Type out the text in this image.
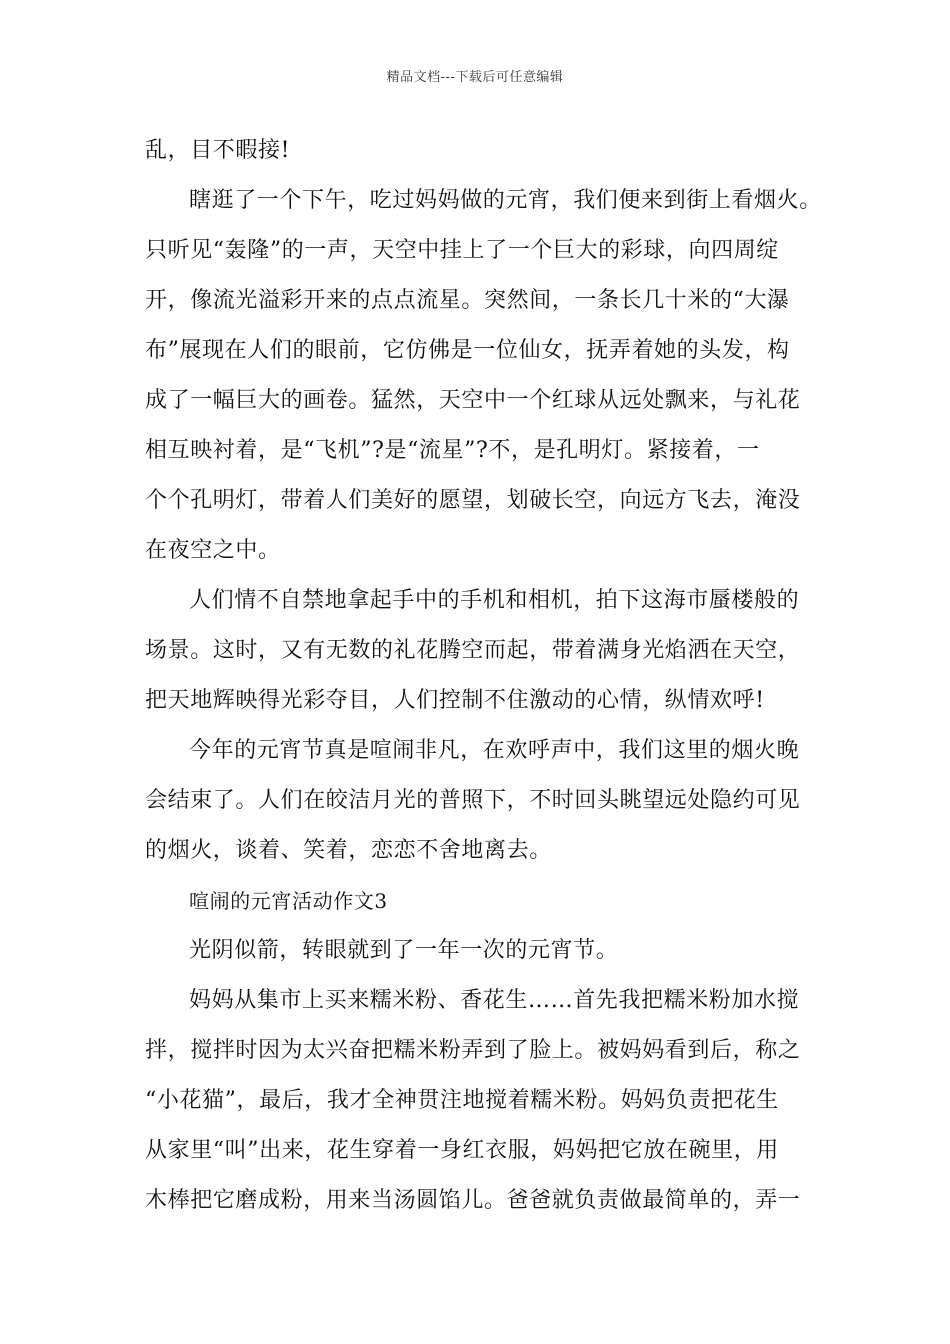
精品文档---下载后可任意编辑
乱，目不暇接!
瞎逛了一个下午，吃过妈妈做的元宵，我们便来到街上看烟火。
只听见“轰隆”的一声，天空中挂上了一个巨大的彩球，向四周绽
开，像流光溢彩开来的点点流星。突然间，一条长几十米的“大瀑
布”展现在人们的眼前，它仿佛是一位仙女，抚弄着她的头发，构
成了一幅巨大的画卷。猛然，天空中一个红球从远处飘来，与礼花
相互映衬着，是“飞机”?是“流星”?不，是孔明灯。紧接着，一
个个孔明灯，带着人们美好的愿望，划破长空，向远方飞去，淹没
在夜空之中。
人们情不自禁地拿起手中的手机和相机，拍下这海市蜃楼般的
场景。这时，又有无数的礼花腾空而起，带着满身光焰洒在天空，
把天地辉映得光彩夺目，人们控制不住激动的心情，纵情欢呼!
今年的元宵节真是喧闹非凡，在欢呼声中，我们这里的烟火晚
会结束了。人们在皎洁月光的普照下，不时回头眺望远处隐约可见
的烟火，谈着、笑着，恋恋不舍地离去。
喧闹的元宵活动作文3
光阴似箭，转眼就到了一年一次的元宵节。
妈妈从集市上买来糯米粉、香花生……首先我把糯米粉加水搅
拌，搅拌时因为太兴奋把糯米粉弄到了脸上。被妈妈看到后，称之
“小花猫”，最后，我才全神贯注地搅着糯米粉。妈妈负责把花生
从家里“叫”出来，花生穿着一身红衣服，妈妈把它放在碗里，用
木棒把它磨成粉，用来当汤圆馅儿。爸爸就负责做最简单的，弄一
